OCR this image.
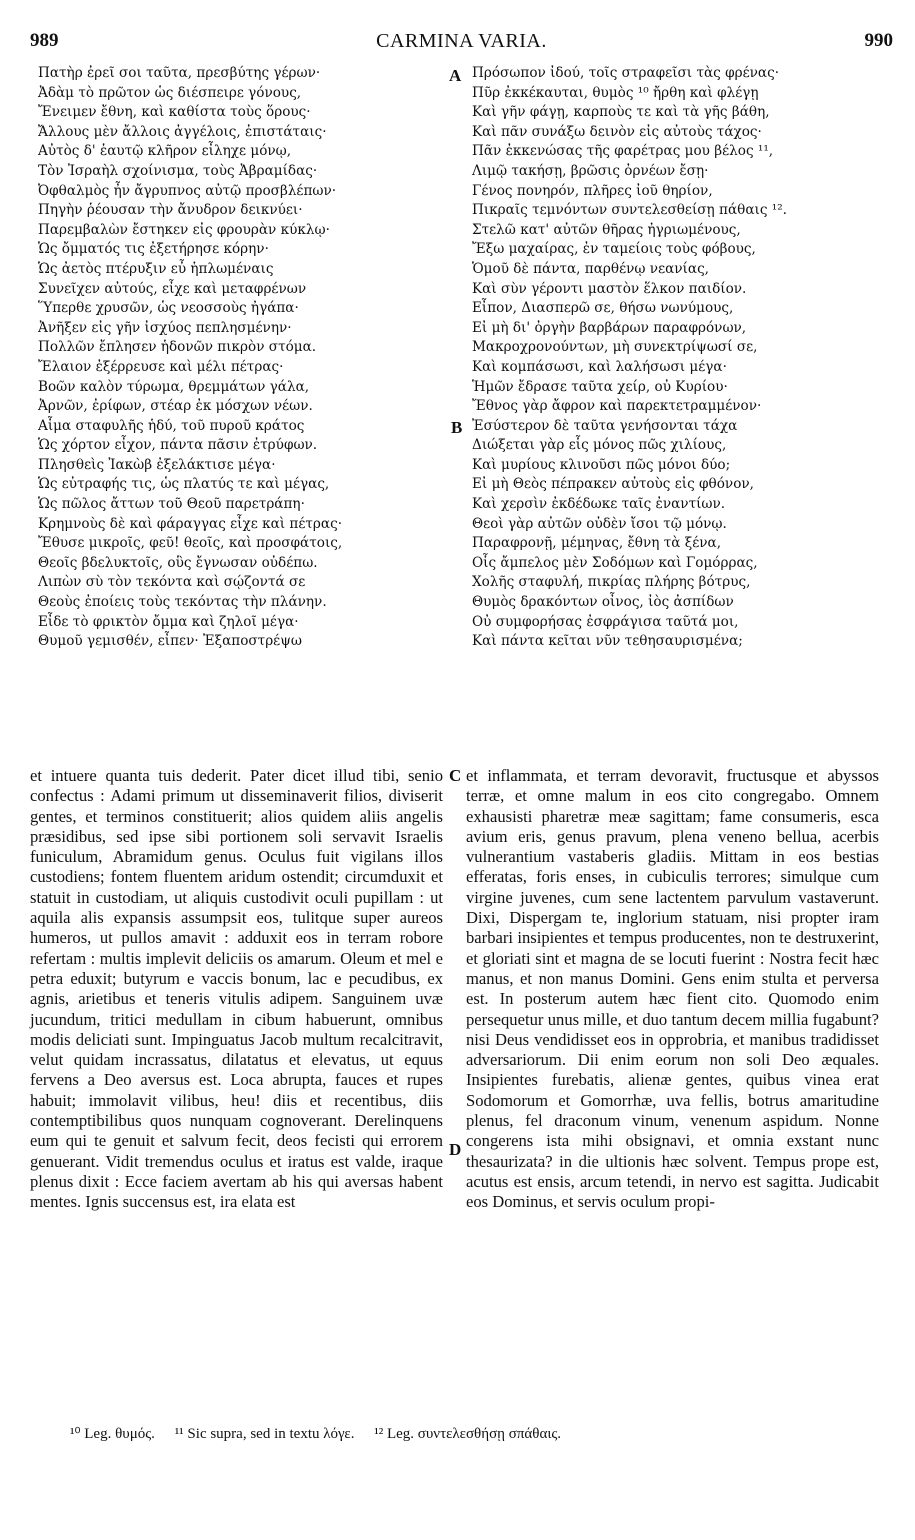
989	CARMINA VARIA.	990
Πατὴρ ἐρεῖ σοι ταῦτα, πρεσβύτης γέρων·
Ἀδὰμ τὸ πρῶτον ὡς διέσπειρε γόνους,
Ἔνειμεν ἔθνη, καὶ καθίστα τοὺς ὅρους·
Ἄλλους μὲν ἄλλοις ἀγγέλοις, ἐπιστάταις·
Αὐτὸς δ' ἑαυτῷ κλῆρον εἶληχε μόνῳ,
Τὸν Ἰσραὴλ σχοίνισμα, τοὺς Ἀβραμίδας·
Ὀφθαλμὸς ἦν ἄγρυπνος αὐτῷ προσβλέπων·
Πηγὴν ῥέουσαν τὴν ἄνυδρον δεικνύει·
Παρεμβαλὼν ἔστηκεν εἰς φρουρὰν κύκλῳ·
Ὡς ὄμματός τις ἐξετήρησε κόρην·
Ὡς ἀετὸς πτέρυξιν εὖ ἡπλωμέναις
Συνεῖχεν αὐτούς, εἶχε καὶ μεταφρένων
Ὕπερθε χρυσῶν, ὡς νεοσσοὺς ἠγάπα·
Ἀνῆξεν εἰς γῆν ἰσχύος πεπλησμένην·
Πολλῶν ἔπλησεν ἡδονῶν πικρὸν στόμα.
Ἔλαιον ἐξέρρευσε καὶ μέλι πέτρας·
Βοῶν καλὸν τύρωμα, θρεμμάτων γάλα,
Ἀρνῶν, ἐρίφων, στέαρ ἐκ μόσχων νέων.
Αἷμα σταφυλῆς ἡδύ, τοῦ πυροῦ κράτος
Ὡς χόρτον εἶχον, πάντα πᾶσιν ἐτρύφων.
Πλησθεὶς Ἰακὼβ ἐξελάκτισε μέγα·
Ὡς εὐτραφής τις, ὡς πλατύς τε καὶ μέγας,
Ὡς πῶλος ἄττων τοῦ Θεοῦ παρετράπη·
Κρημνοὺς δὲ καὶ φάραγγας εἶχε καὶ πέτρας·
Ἔθυσε μικροῖς, φεῦ! θεοῖς, καὶ προσφάτοις,
Θεοῖς βδελυκτοῖς, οὓς ἔγνωσαν οὐδέπω.
Λιπὼν σὺ τὸν τεκόντα καὶ σῴζοντά σε
Θεοὺς ἐποίεις τοὺς τεκόντας τὴν πλάνην.
Εἶδε τὸ φρικτὸν ὄμμα καὶ ζηλοῖ μέγα·
Θυμοῦ γεμισθέν, εἶπεν· Ἐξαποστρέψω
Πρόσωπον ἰδού, τοῖς στραφεῖσι τὰς φρένας·
Πῦρ ἐκκέκαυται, θυμὸς ¹⁰ ἤρθη καὶ φλέγῃ
Καὶ γῆν φάγῃ, καρποὺς τε καὶ τὰ γῆς βάθη,
Καὶ πᾶν συνάξω δεινὸν εἰς αὐτοὺς τάχος·
Πᾶν ἐκκενώσας τῆς φαρέτρας μου βέλος ¹¹,
Λιμῷ τακήσῃ, βρῶσις ὀρνέων ἔσῃ·
Γένος πονηρόν, πλῆρες ἰοῦ θηρίον,
Πικραῖς τεμνόντων συντελεσθείσῃ πάθαις ¹².
Στελῶ κατ' αὐτῶν θῆρας ἠγριωμένους,
Ἔξω μαχαίρας, ἐν ταμείοις τοὺς φόβους,
Ὁμοῦ δὲ πάντα, παρθένῳ νεανίας,
Καὶ σὺν γέροντι μαστὸν ἕλκον παιδίον.
Εἶπον, Διασπερῶ σε, θήσω νωνύμους,
Εἰ μὴ δι' ὀργὴν βαρβάρων παραφρόνων,
Μακροχρονούντων, μὴ συνεκτρίψωσί σε,
Καὶ κομπάσωσι, καὶ λαλήσωσι μέγα·
Ἡμῶν ἔδρασε ταῦτα χείρ, οὐ Κυρίου·
Ἔθνος γὰρ ἄφρον καὶ παρεκτετραμμένον·
Ἐσύστερον δὲ ταῦτα γενήσονται τάχα
Διώξεται γὰρ εἷς μόνος πῶς χιλίους,
Καὶ μυρίους κλινοῦσι πῶς μόνοι δύο;
Εἰ μὴ Θεὸς πέπρακεν αὐτοὺς εἰς φθόνον,
Καὶ χερσὶν ἐκδέδωκε ταῖς ἐναντίων.
Θεοὶ γὰρ αὐτῶν οὐδὲν ἴσοι τῷ μόνῳ.
Παραφρονῇ, μέμηνας, ἔθνη τὰ ξένα,
Οἷς ἄμπελος μὲν Σοδόμων καὶ Γομόρρας,
Χολῆς σταφυλή, πικρίας πλήρης βότρυς,
Θυμὸς δρακόντων οἶνος, ἰὸς ἀσπίδων
Οὐ συμφορήσας ἐσφράγισα ταῦτά μοι,
Καὶ πάντα κεῖται νῦν τεθησαυρισμένα;
A
B
C
D

et intuere quanta tuis dederit. Pater dicet illud tibi, senio confectus : Adami primum ut disseminaverit filios, diviserit gentes, et terminos constituerit; alios quidem aliis angelis præsidibus, sed ipse sibi portionem soli servavit Israelis funiculum, Abramidum genus. Oculus fuit vigilans illos custodiens; fontem fluentem aridum ostendit; circumduxit et statuit in custodiam, ut aliquis custodivit oculi pupillam : ut aquila alis expansis assumpsit eos, tulitque super aureos humeros, ut pullos amavit : adduxit eos in terram robore refertam : multis implevit deliciis os amarum. Oleum et mel e petra eduxit; butyrum e vaccis bonum, lac e pecudibus, ex agnis, arietibus et teneris vitulis adipem. Sanguinem uvæ jucundum, tritici medullam in cibum habuerunt, omnibus modis deliciati sunt. Impinguatus Jacob multum recalcitravit, velut quidam incrassatus, dilatatus et elevatus, ut equus fervens a Deo aversus est. Loca abrupta, fauces et rupes habuit; immolavit vilibus, heu! diis et recentibus, diis contemptibilibus quos nunquam cognoverant. Derelinquens eum qui te genuit et salvum fecit, deos fecisti qui errorem genuerant. Vidit tremendus oculus et iratus est valde, iraque plenus dixit : Ecce faciem avertam ab his qui aversas habent mentes. Ignis succensus est, ira elata est

et inflammata, et terram devoravit, fructusque et abyssos terræ, et omne malum in eos cito congregabo. Omnem exhausisti pharetræ meæ sagittam; fame consumeris, esca avium eris, genus pravum, plena veneno bellua, acerbis vulnerantium vastaberis gladiis. Mittam in eos bestias efferatas, foris enses, in cubiculis terrores; simulque cum virgine juvenes, cum sene lactentem parvulum vastaverunt. Dixi, Dispergam te, inglorium statuam, nisi propter iram barbari insipientes et tempus producentes, non te destruxerint, et gloriati sint et magna de se locuti fuerint : Nostra fecit hæc manus, et non manus Domini. Gens enim stulta et perversa est. In posterum autem hæc fient cito. Quomodo enim persequetur unus mille, et duo tantum decem millia fugabunt? nisi Deus vendidisset eos in opprobria, et manibus tradidisset adversariorum. Dii enim eorum non soli Deo æquales. Insipientes furebatis, alienæ gentes, quibus vinea erat Sodomorum et Gomorrhæ, uva fellis, botrus amaritudine plenus, fel draconum vinum, venenum aspidum. Nonne congerens ista mihi obsignavi, et omnia exstant nunc thesaurizata? in die ultionis hæc solvent. Tempus prope est, acutus est ensis, arcum tetendi, in nervo est sagitta. Judicabit eos Dominus, et servis oculum propi-

¹⁰ Leg. θυμός. ¹¹ Sic supra, sed in textu λόγε. ¹² Leg. συντελεσθήσῃ σπάθαις.
